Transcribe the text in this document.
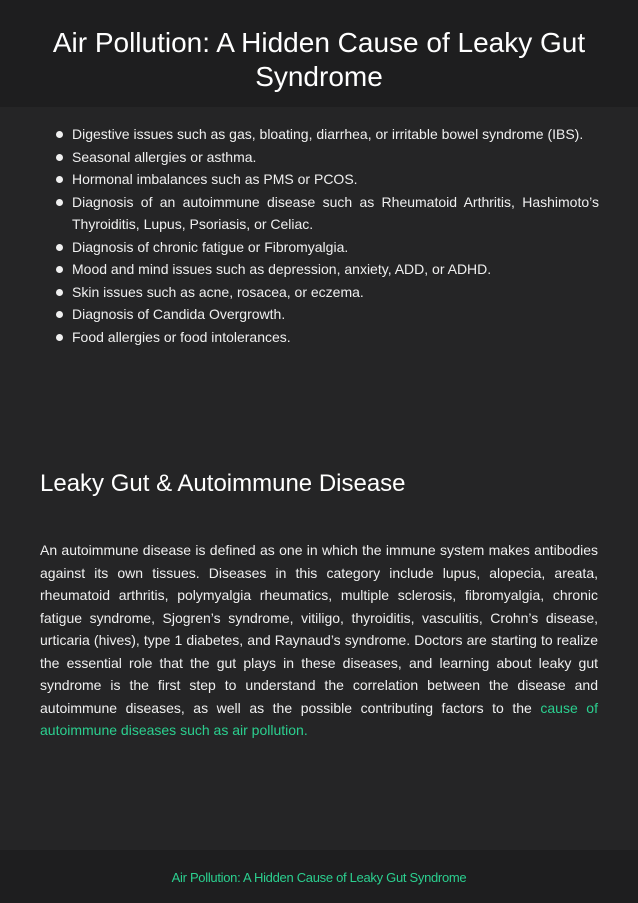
Air Pollution: A Hidden Cause of Leaky Gut Syndrome
Digestive issues such as gas, bloating, diarrhea, or irritable bowel syndrome (IBS).
Seasonal allergies or asthma.
Hormonal imbalances such as PMS or PCOS.
Diagnosis of an autoimmune disease such as Rheumatoid Arthritis, Hashimoto’s Thyroiditis, Lupus, Psoriasis, or Celiac.
Diagnosis of chronic fatigue or Fibromyalgia.
Mood and mind issues such as depression, anxiety, ADD, or ADHD.
Skin issues such as acne, rosacea, or eczema.
Diagnosis of Candida Overgrowth.
Food allergies or food intolerances.
Leaky Gut & Autoimmune Disease

An autoimmune disease is defined as one in which the immune system makes antibodies against its own tissues. Diseases in this category include lupus, alopecia, areata, rheumatoid arthritis, polymyalgia rheumatics, multiple sclerosis, fibromyalgia, chronic fatigue syndrome, Sjogren’s syndrome, vitiligo, thyroiditis, vasculitis, Crohn’s disease, urticaria (hives), type 1 diabetes, and Raynaud’s syndrome. Doctors are starting to realize the essential role that the gut plays in these diseases, and learning about leaky gut syndrome is the first step to understand the correlation between the disease and autoimmune diseases, as well as the possible contributing factors to the cause of autoimmune diseases such as air pollution.

Air Pollution: A Hidden Cause of Leaky Gut Syndrome
